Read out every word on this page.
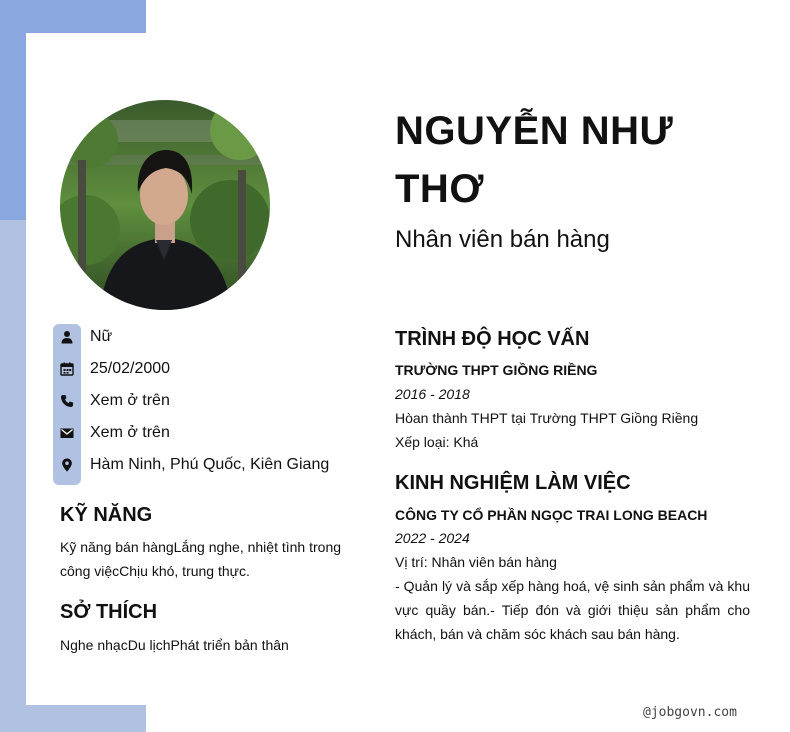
NGUYỄN NHƯ THƠ
Nhân viên bán hàng
Nữ
25/02/2000
Xem ở trên
Xem ở trên
Hàm Ninh, Phú Quốc, Kiên Giang
KỸ NĂNG

Kỹ năng bán hàngLắng nghe, nhiệt tình trong công việcChịu khó, trung thực.

SỞ THÍCH

Nghe nhạcDu lịchPhát triển bản thân

TRÌNH ĐỘ HỌC VẤN

TRƯỜNG THPT GIỒNG RIỀNG

2016 - 2018

Hòan thành THPT tại Trường THPT Giồng Riềng

Xếp loại: Khá

KINH NGHIỆM LÀM VIỆC

CÔNG TY CỔ PHẦN NGỌC TRAI LONG BEACH

2022 - 2024

Vị trí: Nhân viên bán hàng

- Quản lý và sắp xếp hàng hoá, vệ sinh sản phẩm và khu vực quầy bán.- Tiếp đón và giới thiệu sản phẩm cho khách, bán và chăm sóc khách sau bán hàng.

@jobgovn.com
